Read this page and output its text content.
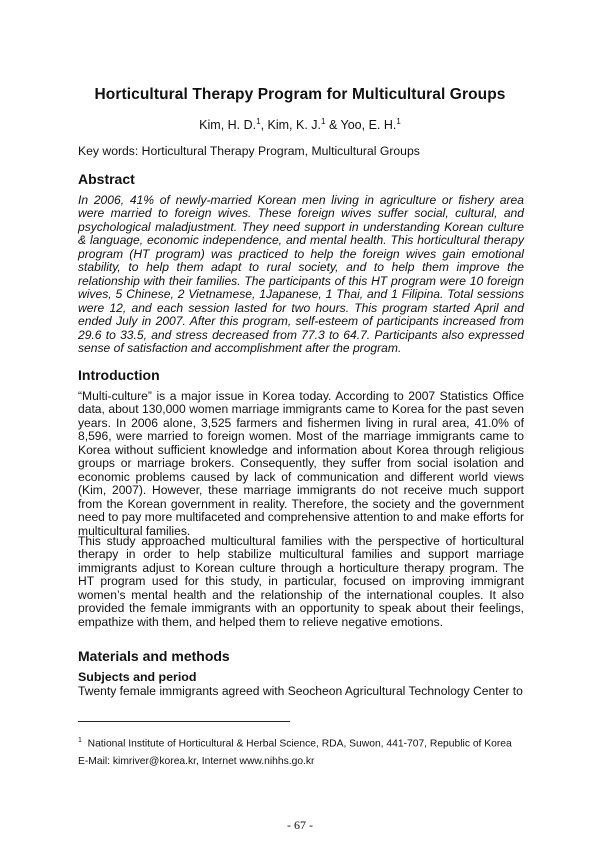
Horticultural Therapy Program for Multicultural Groups
Kim, H. D.$^1$, Kim, K. J.$^1$ & Yoo, E. H.$^1$
Key words: Horticultural Therapy Program, Multicultural Groups
Abstract

In 2006, 41% of newly-married Korean men living in agriculture or fishery area were married to foreign wives. These foreign wives suffer social, cultural, and psychological maladjustment. They need support in understanding Korean culture & language, economic independence, and mental health. This horticultural therapy program (HT program) was practiced to help the foreign wives gain emotional stability, to help them adapt to rural society, and to help them improve the relationship with their families. The participants of this HT program were 10 foreign wives, 5 Chinese, 2 Vietnamese, 1Japanese, 1 Thai, and 1 Filipina. Total sessions were 12, and each session lasted for two hours. This program started April and ended July in 2007. After this program, self-esteem of participants increased from 29.6 to 33.5, and stress decreased from 77.3 to 64.7. Participants also expressed sense of satisfaction and accomplishment after the program.

Introduction

“Multi-culture” is a major issue in Korea today. According to 2007 Statistics Office data, about 130,000 women marriage immigrants came to Korea for the past seven years. In 2006 alone, 3,525 farmers and fishermen living in rural area, 41.0% of 8,596, were married to foreign women. Most of the marriage immigrants came to Korea without sufficient knowledge and information about Korea through religious groups or marriage brokers. Consequently, they suffer from social isolation and economic problems caused by lack of communication and different world views (Kim, 2007). However, these marriage immigrants do not receive much support from the Korean government in reality. Therefore, the society and the government need to pay more multifaceted and comprehensive attention to and make efforts for multicultural families.

This study approached multicultural families with the perspective of horticultural therapy in order to help stabilize multicultural families and support marriage immigrants adjust to Korean culture through a horticulture therapy program. The HT program used for this study, in particular, focused on improving immigrant women’s mental health and the relationship of the international couples. It also provided the female immigrants with an opportunity to speak about their feelings, empathize with them, and helped them to relieve negative emotions.

Materials and methods
Subjects and period

Twenty female immigrants agreed with Seocheon Agricultural Technology Center to

$^1$ National Institute of Horticultural & Herbal Science, RDA, Suwon, 441-707, Republic of Korea
E-Mail: kimriver@korea.kr, Internet www.nihhs.go.kr
- 67 -
